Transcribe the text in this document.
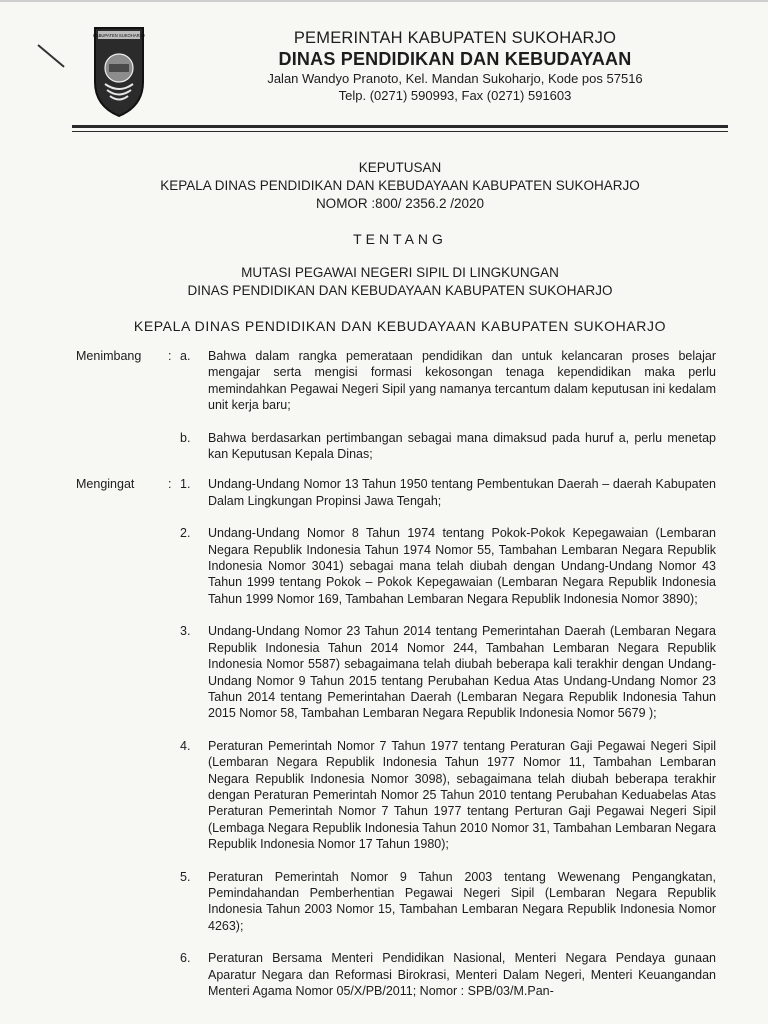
KABUPATEN SUKOHARJO	PEMERINTAH KABUPATEN SUKOHARJO
DINAS PENDIDIKAN DAN KEBUDAYAAN
Jalan Wandyo Pranoto, Kel. Mandan Sukoharjo, Kode pos 57516
Telp. (0271) 590993, Fax (0271) 591603
KEPUTUSAN
KEPALA DINAS PENDIDIKAN DAN KEBUDAYAAN KABUPATEN SUKOHARJO
NOMOR :800/ 2356.2 /2020
TENTANG
MUTASI PEGAWAI NEGERI SIPIL DI LINGKUNGAN
DINAS PENDIDIKAN DAN KEBUDAYAAN KABUPATEN SUKOHARJO
KEPALA DINAS PENDIDIKAN DAN KEBUDAYAAN KABUPATEN SUKOHARJO
Menimbang	: a. Bahwa dalam rangka pemerataan pendidikan dan untuk kelancaran proses belajar mengajar serta mengisi formasi kekosongan tenaga kependidikan maka perlu memindahkan Pegawai Negeri Sipil yang namanya tercantum dalam keputusan ini kedalam unit kerja baru;
b. Bahwa berdasarkan pertimbangan sebagai mana dimaksud pada huruf a, perlu menetap kan Keputusan Kepala Dinas;
Mengingat	: 1. Undang-Undang Nomor 13 Tahun 1950 tentang Pembentukan Daerah – daerah Kabupaten Dalam Lingkungan Propinsi Jawa Tengah;
2. Undang-Undang Nomor 8 Tahun 1974 tentang Pokok-Pokok Kepegawaian (Lembaran Negara Republik Indonesia Tahun 1974 Nomor 55, Tambahan Lembaran Negara Republik Indonesia Nomor 3041) sebagai mana telah diubah dengan Undang-Undang Nomor 43 Tahun 1999 tentang Pokok – Pokok Kepegawaian (Lembaran Negara Republik Indonesia Tahun 1999 Nomor 169, Tambahan Lembaran Negara Republik Indonesia Nomor 3890);
3. Undang-Undang Nomor 23 Tahun 2014 tentang Pemerintahan Daerah (Lembaran Negara Republik Indonesia Tahun 2014 Nomor 244, Tambahan Lembaran Negara Republik Indonesia Nomor 5587) sebagaimana telah diubah beberapa kali terakhir dengan Undang-Undang Nomor 9 Tahun 2015 tentang Perubahan Kedua Atas Undang-Undang Nomor 23 Tahun 2014 tentang Pemerintahan Daerah (Lembaran Negara Republik Indonesia Tahun 2015 Nomor 58, Tambahan Lembaran Negara Republik Indonesia Nomor 5679 );
4. Peraturan Pemerintah Nomor 7 Tahun 1977 tentang Peraturan Gaji Pegawai Negeri Sipil (Lembaran Negara Republik Indonesia Tahun 1977 Nomor 11, Tambahan Lembaran Negara Republik Indonesia Nomor 3098), sebagaimana telah diubah beberapa terakhir dengan Peraturan Pemerintah Nomor 25 Tahun 2010 tentang Perubahan Keduabelas Atas Peraturan Pemerintah Nomor 7 Tahun 1977 tentang Perturan Gaji Pegawai Negeri Sipil (Lembaga Negara Republik Indonesia Tahun 2010 Nomor 31, Tambahan Lembaran Negara Republik Indonesia Nomor 17 Tahun 1980);
5. Peraturan Pemerintah Nomor 9 Tahun 2003 tentang Wewenang Pengangkatan, Pemindahandan Pemberhentian Pegawai Negeri Sipil (Lembaran Negara Republik Indonesia Tahun 2003 Nomor 15, Tambahan Lembaran Negara Republik Indonesia Nomor 4263);
6. Peraturan Bersama Menteri Pendidikan Nasional, Menteri Negara Pendaya gunaan Aparatur Negara dan Reformasi Birokrasi, Menteri Dalam Negeri, Menteri Keuangandan Menteri Agama Nomor 05/X/PB/2011; Nomor : SPB/03/M.Pan-
